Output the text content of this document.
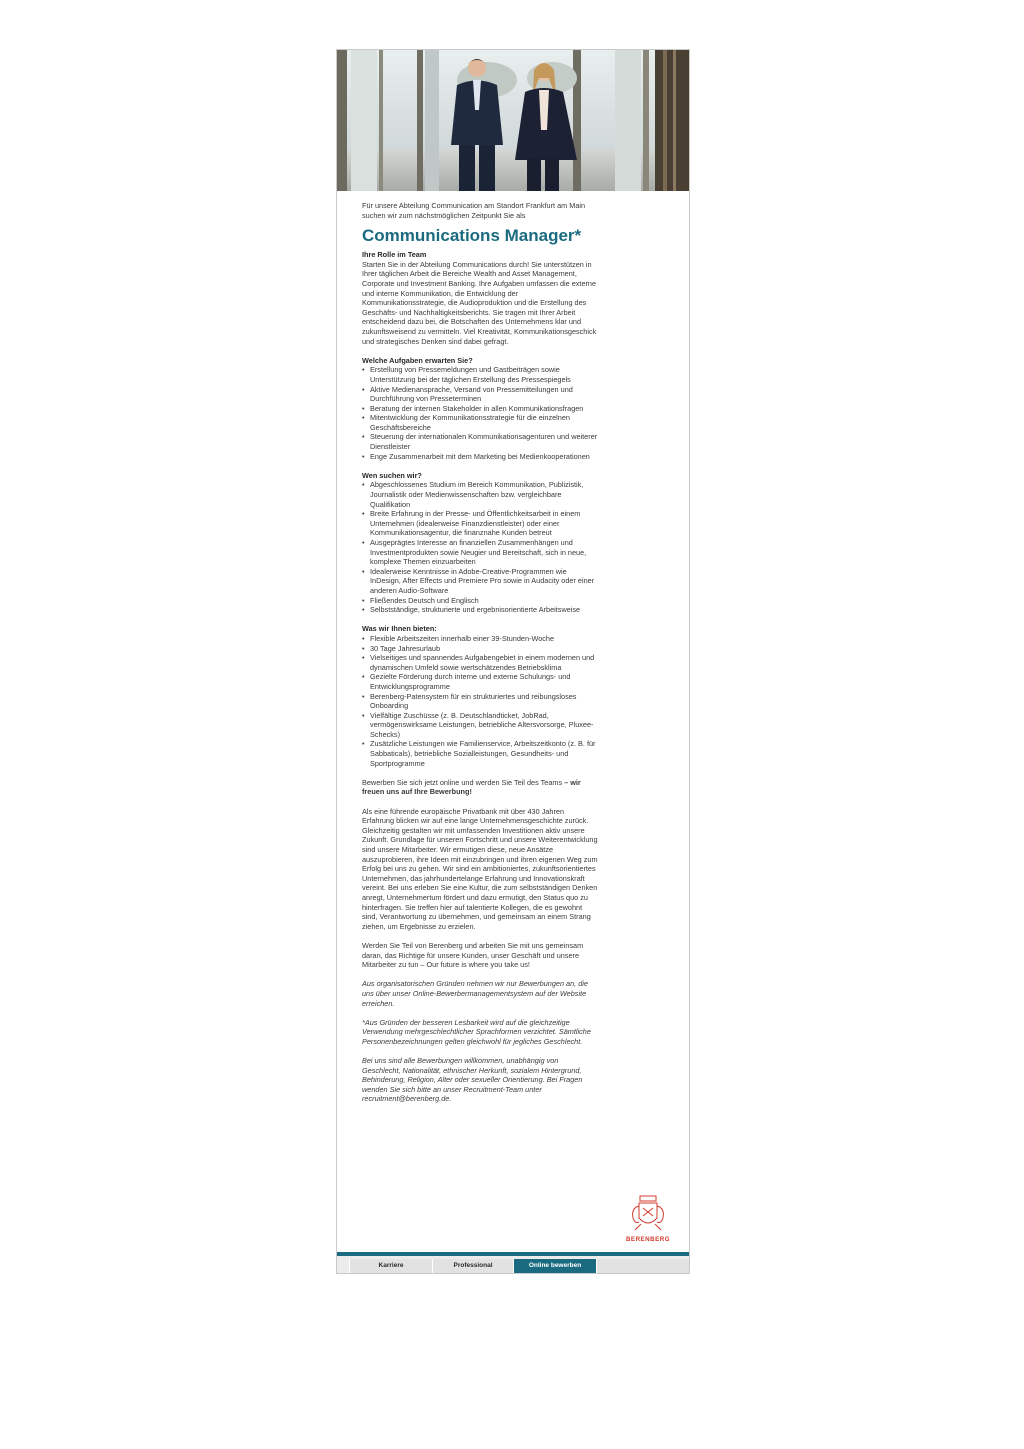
Für unsere Abteilung Communication am Standort Frankfurt am Main suchen wir zum nächstmöglichen Zeitpunkt Sie als

Communications Manager*

Ihre Rolle im Team

Starten Sie in der Abteilung Communications durch! Sie unterstützen in Ihrer täglichen Arbeit die Bereiche Wealth and Asset Management, Corporate und Investment Banking. Ihre Aufgaben umfassen die externe und interne Kommunikation, die Entwicklung der Kommunikationsstrategie, die Audioproduktion und die Erstellung des Geschäfts- und Nachhaltigkeitsberichts. Sie tragen mit Ihrer Arbeit entscheidend dazu bei, die Botschaften des Unternehmens klar und zukunftsweisend zu vermitteln. Viel Kreativität, Kommunikationsgeschick und strategisches Denken sind dabei gefragt.

Welche Aufgaben erwarten Sie?

• Erstellung von Pressemeldungen und Gastbeiträgen sowie Unterstützung bei der täglichen Erstellung des Pressespiegels
• Aktive Medienansprache, Versand von Pressemitteilungen und Durchführung von Presseterminen
• Beratung der internen Stakeholder in allen Kommunikationsfragen
• Mitentwicklung der Kommunikationsstrategie für die einzelnen Geschäftsbereiche
• Steuerung der internationalen Kommunikationsagenturen und weiterer Dienstleister
• Enge Zusammenarbeit mit dem Marketing bei Medienkooperationen

Wen suchen wir?

• Abgeschlossenes Studium im Bereich Kommunikation, Publizistik, Journalistik oder Medienwissenschaften bzw. vergleichbare Qualifikation
• Breite Erfahrung in der Presse- und Öffentlichkeitsarbeit in einem Unternehmen (idealerweise Finanzdienstleister) oder einer Kommunikationsagentur, die finanznahe Kunden betreut
• Ausgeprägtes Interesse an finanziellen Zusammenhängen und Investmentprodukten sowie Neugier und Bereitschaft, sich in neue, komplexe Themen einzuarbeiten
• Idealerweise Kenntnisse in Adobe-Creative-Programmen wie InDesign, After Effects und Premiere Pro sowie in Audacity oder einer anderen Audio-Software
• Fließendes Deutsch und Englisch
• Selbstständige, strukturierte und ergebnisorientierte Arbeitsweise

Was wir Ihnen bieten:

• Flexible Arbeitszeiten innerhalb einer 39-Stunden-Woche
• 30 Tage Jahresurlaub
• Vielseitiges und spannendes Aufgabengebiet in einem modernen und dynamischen Umfeld sowie wertschätzendes Betriebsklima
• Gezielte Förderung durch interne und externe Schulungs- und Entwicklungsprogramme
• Berenberg-Patensystem für ein strukturiertes und reibungsloses Onboarding
• Vielfältige Zuschüsse (z. B. Deutschlandticket, JobRad, vermögenswirksame Leistungen, betriebliche Altersvorsorge, Pluxee-Schecks)
• Zusätzliche Leistungen wie Familienservice, Arbeitszeitkonto (z. B. für Sabbaticals), betriebliche Sozialleistungen, Gesundheits- und Sportprogramme

Bewerben Sie sich jetzt online und werden Sie Teil des Teams – wir freuen uns auf Ihre Bewerbung!

Als eine führende europäische Privatbank mit über 430 Jahren Erfahrung blicken wir auf eine lange Unternehmensgeschichte zurück. Gleichzeitig gestalten wir mit umfassenden Investitionen aktiv unsere Zukunft. Grundlage für unseren Fortschritt und unsere Weiterentwicklung sind unsere Mitarbeiter. Wir ermutigen diese, neue Ansätze auszuprobieren, ihre Ideen mit einzubringen und ihren eigenen Weg zum Erfolg bei uns zu gehen. Wir sind ein ambitioniertes, zukunftsorientiertes Unternehmen, das jahrhundertelange Erfahrung und Innovationskraft vereint. Bei uns erleben Sie eine Kultur, die zum selbstständigen Denken anregt, Unternehmertum fördert und dazu ermutigt, den Status quo zu hinterfragen. Sie treffen hier auf talentierte Kollegen, die es gewohnt sind, Verantwortung zu übernehmen, und gemeinsam an einem Strang ziehen, um Ergebnisse zu erzielen.

Werden Sie Teil von Berenberg und arbeiten Sie mit uns gemeinsam daran, das Richtige für unsere Kunden, unser Geschäft und unsere Mitarbeiter zu tun – Our future is where you take us!

Aus organisatorischen Gründen nehmen wir nur Bewerbungen an, die uns über unser Online-Bewerbermanagementsystem auf der Website erreichen.

*Aus Gründen der besseren Lesbarkeit wird auf die gleichzeitige Verwendung mehrgeschlechtlicher Sprachformen verzichtet. Sämtliche Personenbezeichnungen gelten gleichwohl für jegliches Geschlecht.

Bei uns sind alle Bewerbungen willkommen, unabhängig von Geschlecht, Nationalität, ethnischer Herkunft, sozialem Hintergrund, Behinderung, Religion, Alter oder sexueller Orientierung. Bei Fragen wenden Sie sich bitte an unser Recruitment-Team unter recruitment@berenberg.de.

BERENBERG
Karriere	Professional	Online bewerben
